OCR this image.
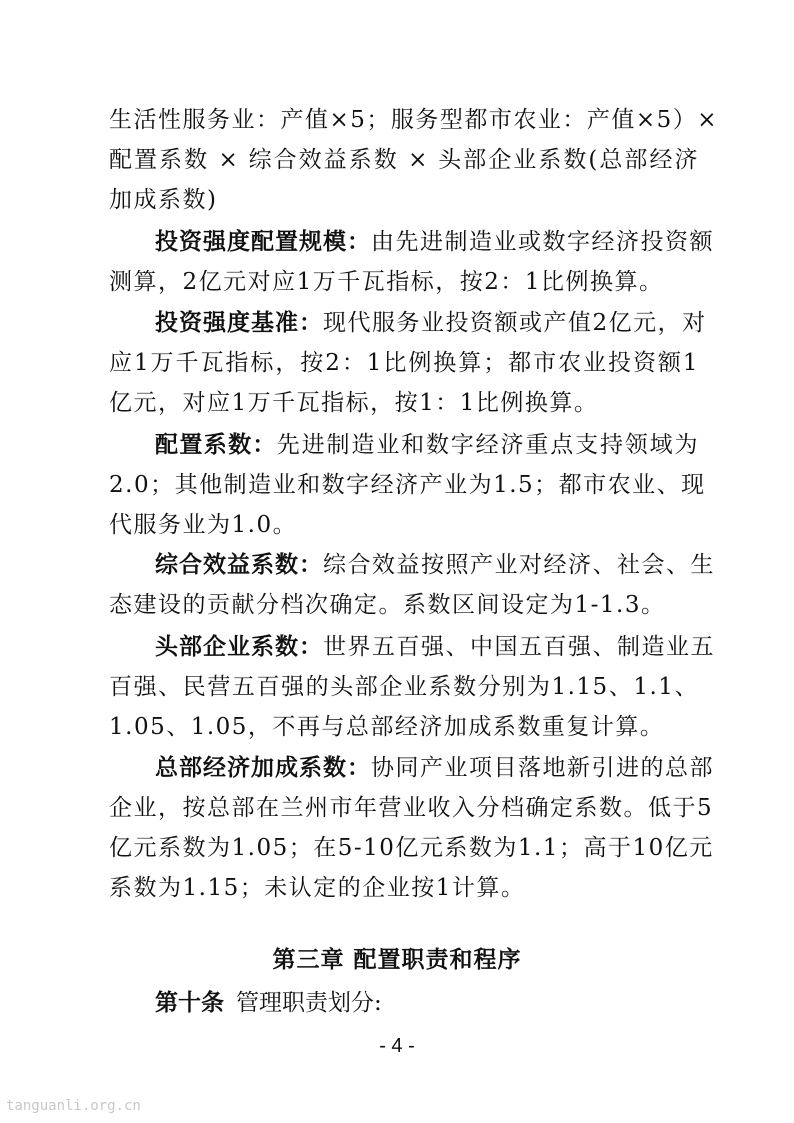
生活性服务业：产值×5；服务型都市农业：产值×5）×
配置系数 × 综合效益系数 × 头部企业系数(总部经济
加成系数)
投资强度配置规模：由先进制造业或数字经济投资额
测算，2亿元对应1万千瓦指标，按2：1比例换算。
投资强度基准：现代服务业投资额或产值2亿元，对
应1万千瓦指标，按2：1比例换算；都市农业投资额1
亿元，对应1万千瓦指标，按1：1比例换算。
配置系数：先进制造业和数字经济重点支持领域为
2.0；其他制造业和数字经济产业为1.5；都市农业、现
代服务业为1.0。
综合效益系数：综合效益按照产业对经济、社会、生
态建设的贡献分档次确定。系数区间设定为1-1.3。
头部企业系数：世界五百强、中国五百强、制造业五
百强、民营五百强的头部企业系数分别为1.15、1.1、
1.05、1.05，不再与总部经济加成系数重复计算。
总部经济加成系数：协同产业项目落地新引进的总部
企业，按总部在兰州市年营业收入分档确定系数。低于5
亿元系数为1.05；在5-10亿元系数为1.1；高于10亿元
系数为1.15；未认定的企业按1计算。
第三章 配置职责和程序
第十条 管理职责划分:
- 4 -
tanguanli.org.cn
